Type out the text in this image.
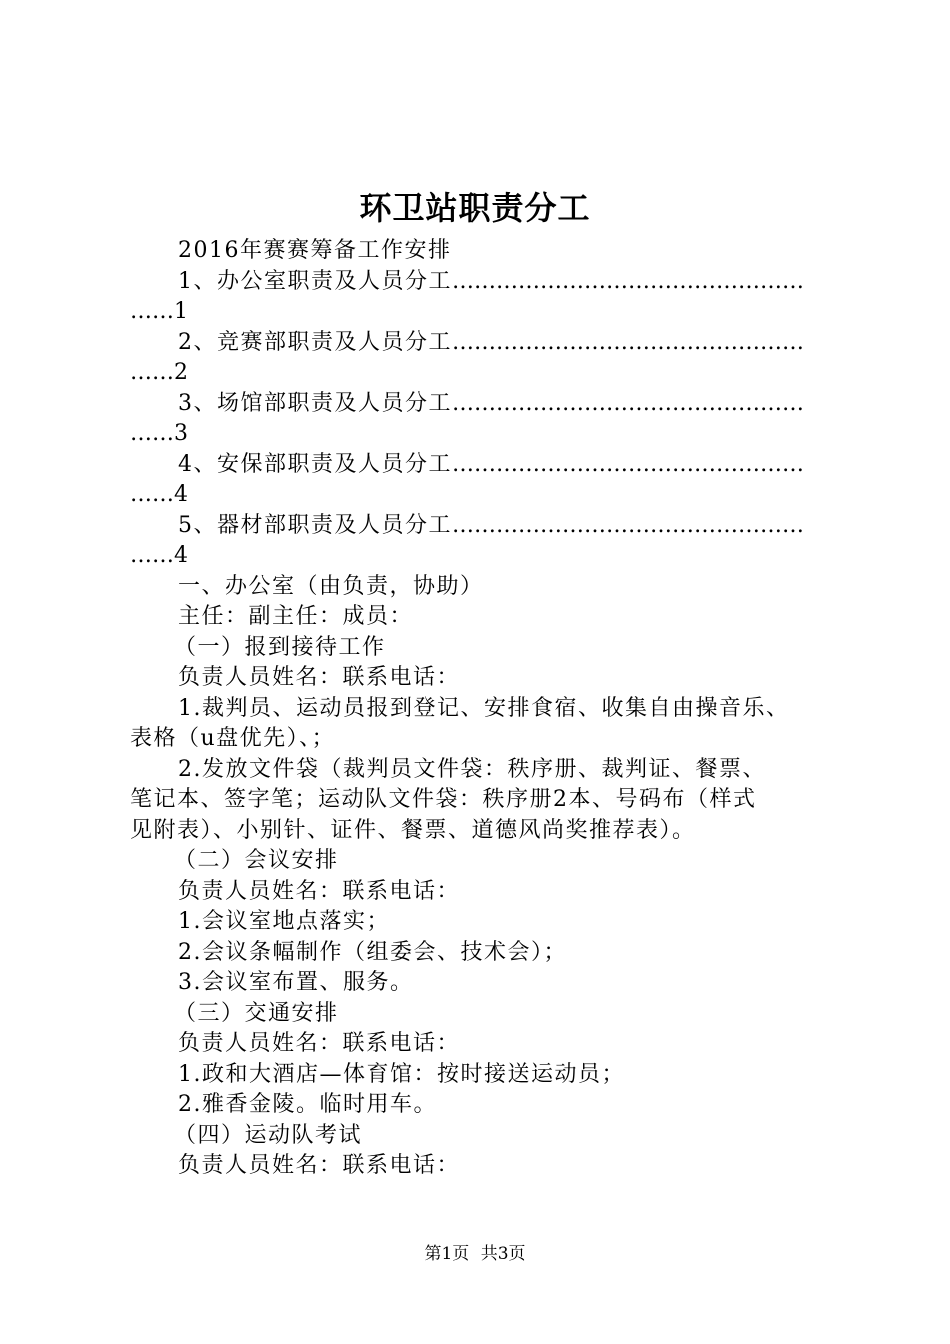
环卫站职责分工
2016年赛赛筹备工作安排
1、办公室职责及人员分工…………………………………………
……1
2、竞赛部职责及人员分工…………………………………………
……2
3、场馆部职责及人员分工…………………………………………
……3
4、安保部职责及人员分工…………………………………………
……4
5、器材部职责及人员分工…………………………………………
……4
一、办公室（由负责，协助）
主任：副主任：成员：
（一）报到接待工作
负责人员姓名：联系电话：
1.裁判员、运动员报到登记、安排食宿、收集自由操音乐、
表格（u盘优先）、；
2.发放文件袋（裁判员文件袋：秩序册、裁判证、餐票、
笔记本、签字笔；运动队文件袋：秩序册2本、号码布（样式
见附表）、小别针、证件、餐票、道德风尚奖推荐表）。
（二）会议安排
负责人员姓名：联系电话：
1.会议室地点落实；
2.会议条幅制作（组委会、技术会）；
3.会议室布置、服务。
（三）交通安排
负责人员姓名：联系电话：
1.政和大酒店—体育馆：按时接送运动员；
2.雅香金陵。临时用车。
（四）运动队考试
负责人员姓名：联系电话：
第1页 共3页
